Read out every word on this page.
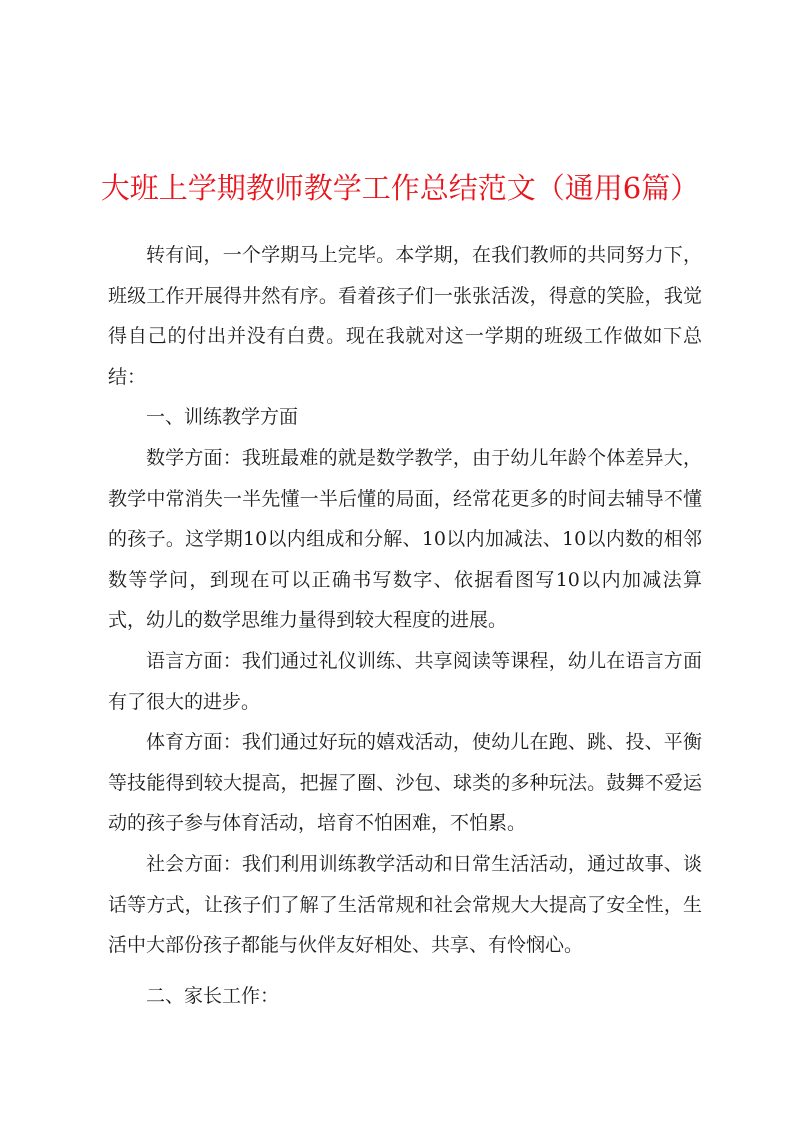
大班上学期教师教学工作总结范文（通用6篇）

转有间，一个学期马上完毕。本学期，在我们教师的共同努力下，班级工作开展得井然有序。看着孩子们一张张活泼，得意的笑脸，我觉得自己的付出并没有白费。现在我就对这一学期的班级工作做如下总结：

一、训练教学方面

数学方面：我班最难的就是数学教学，由于幼儿年龄个体差异大，教学中常消失一半先懂一半后懂的局面，经常花更多的时间去辅导不懂的孩子。这学期10以内组成和分解、10以内加减法、10以内数的相邻数等学问，到现在可以正确书写数字、依据看图写10以内加减法算式，幼儿的数学思维力量得到较大程度的进展。

语言方面：我们通过礼仪训练、共享阅读等课程，幼儿在语言方面有了很大的进步。

体育方面：我们通过好玩的嬉戏活动，使幼儿在跑、跳、投、平衡等技能得到较大提高，把握了圈、沙包、球类的多种玩法。鼓舞不爱运动的孩子参与体育活动，培育不怕困难，不怕累。

社会方面：我们利用训练教学活动和日常生活活动，通过故事、谈话等方式，让孩子们了解了生活常规和社会常规大大提高了安全性，生活中大部份孩子都能与伙伴友好相处、共享、有怜悯心。

二、家长工作：
